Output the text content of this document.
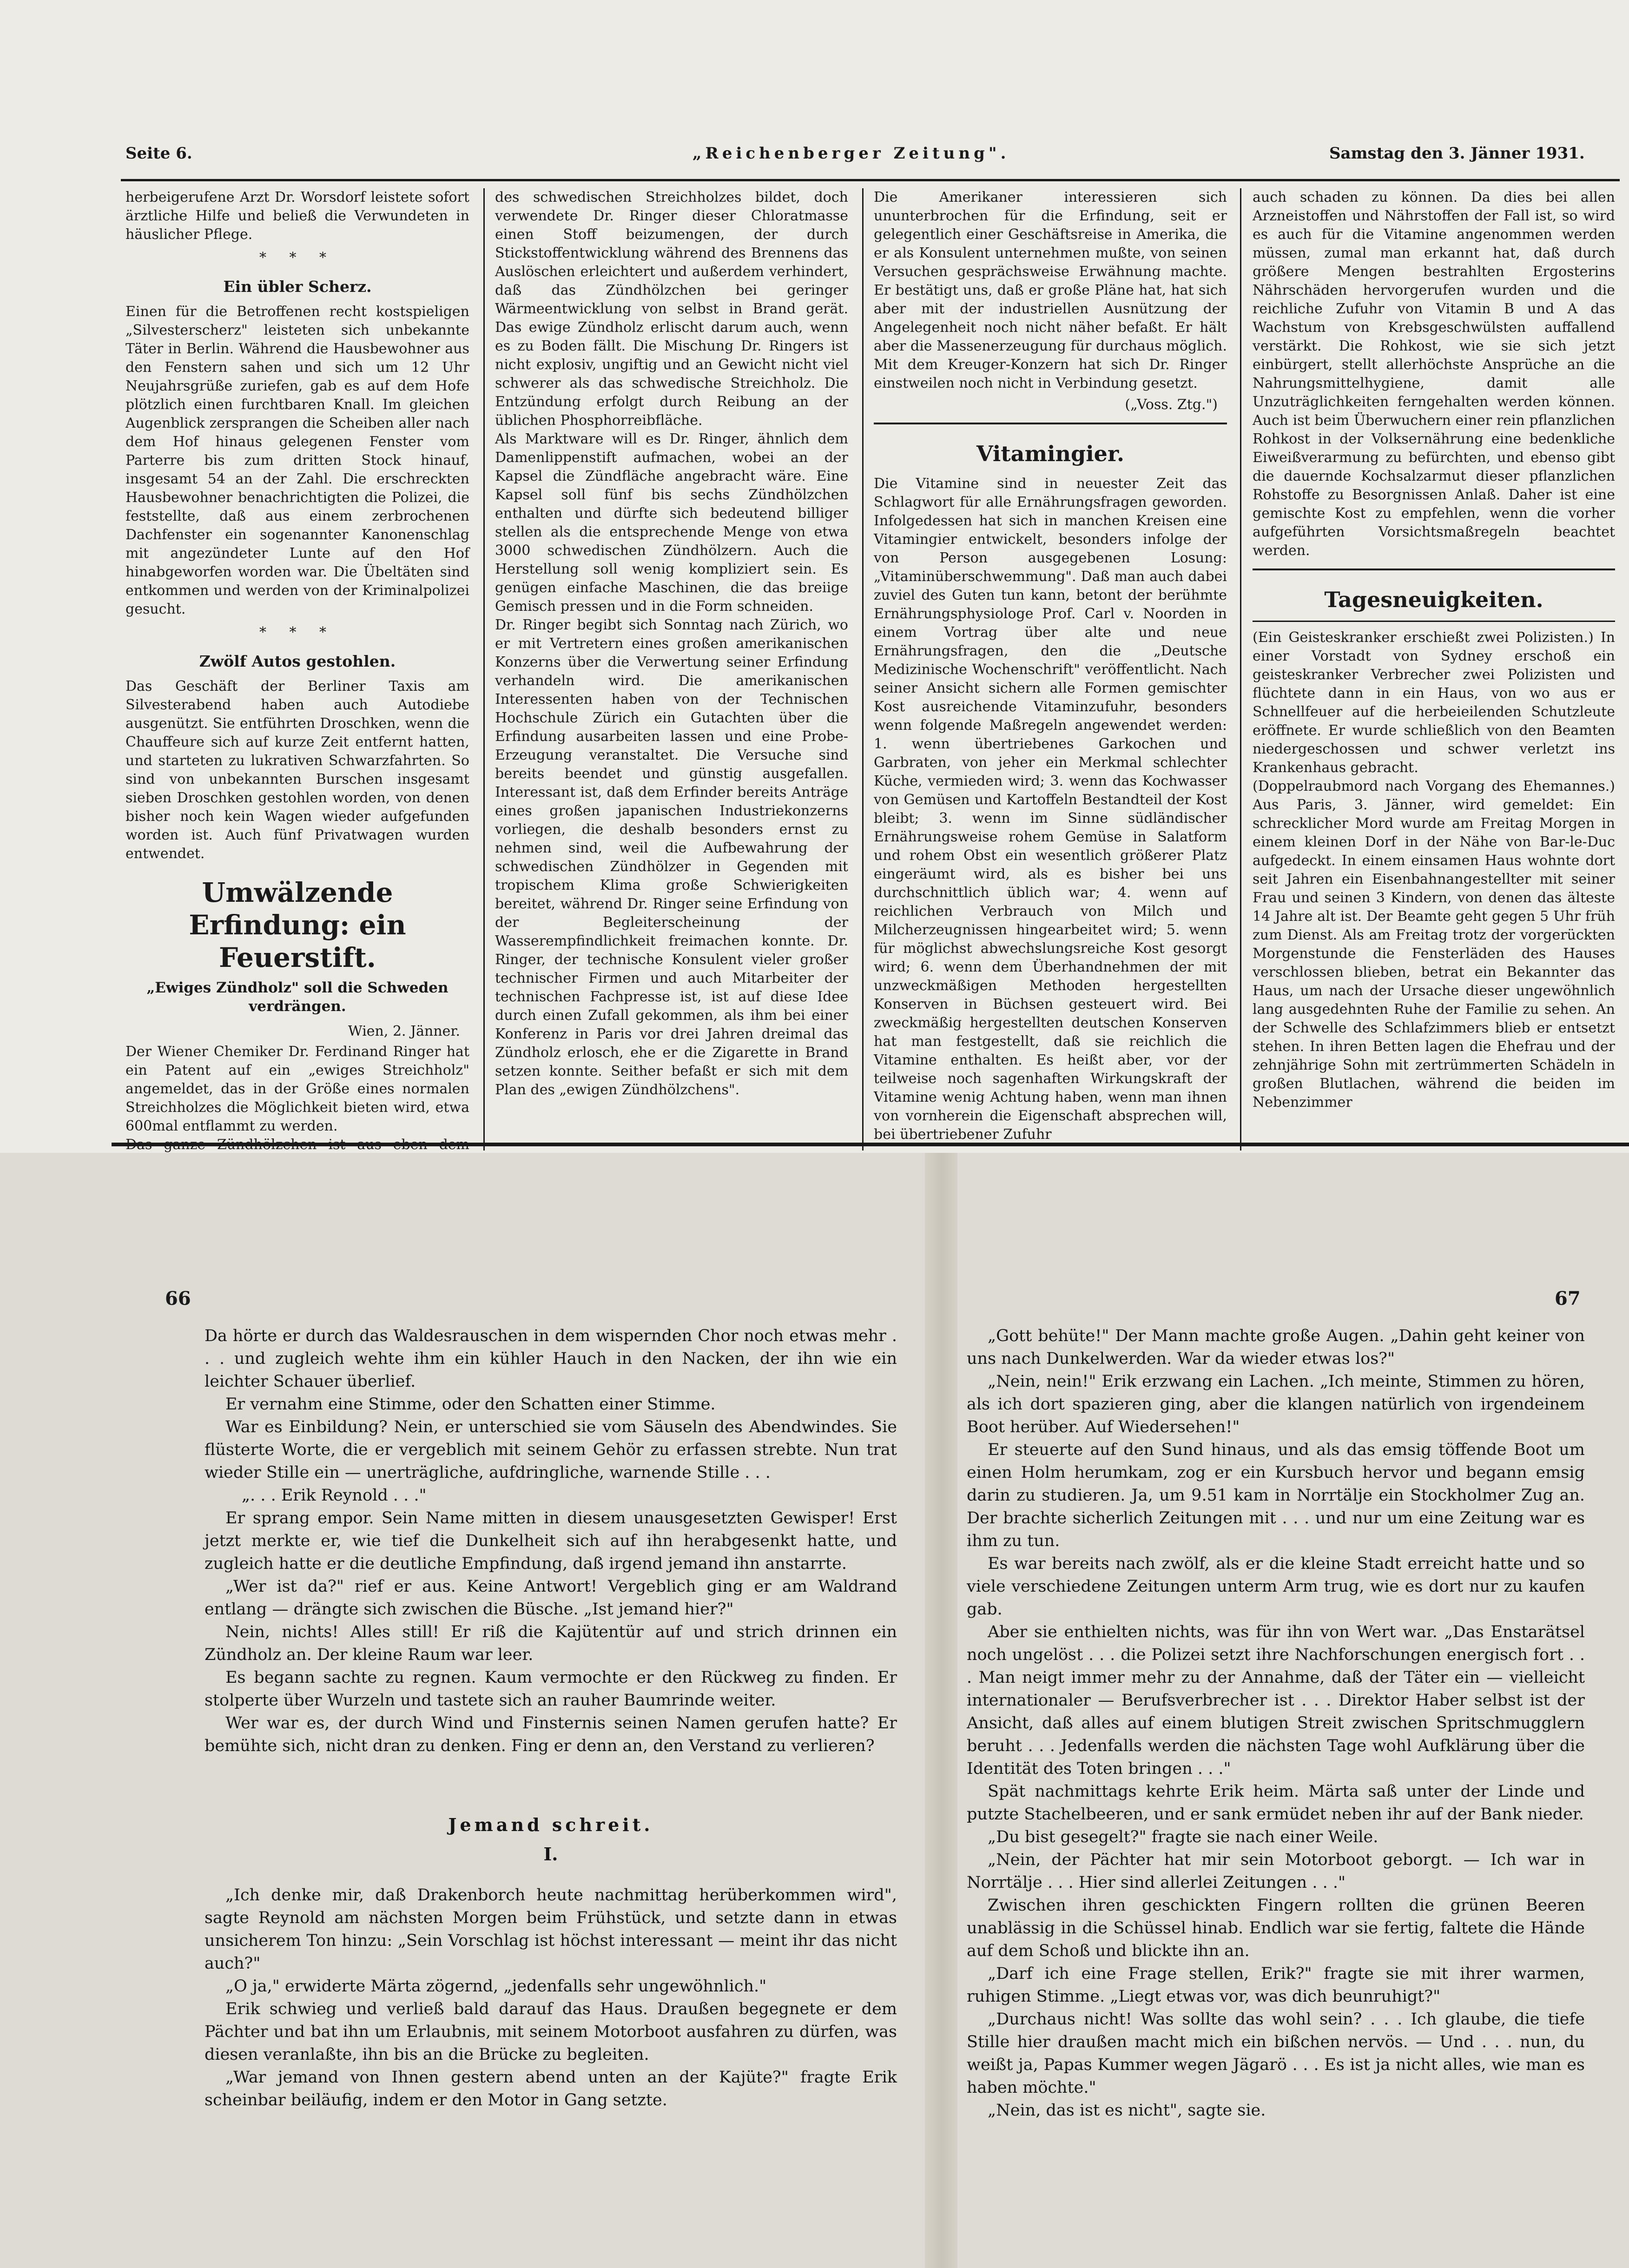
Seite 6.	„Reichenberger Zeitung".	Samstag den 3. Jänner 1931.

herbeigerufene Arzt Dr. Worsdorf leistete sofort ärztliche Hilfe und beließ die Verwundeten in häuslicher Pflege.

* * *

Ein übler Scherz.

Einen für die Betroffenen recht kostspieligen „Silvesterscherz" leisteten sich unbekannte Täter in Berlin. Während die Hausbewohner aus den Fenstern sahen und sich um 12 Uhr Neujahrsgrüße zuriefen, gab es auf dem Hofe plötzlich einen furchtbaren Knall. Im gleichen Augenblick zersprangen die Scheiben aller nach dem Hof hinaus gelegenen Fenster vom Parterre bis zum dritten Stock hinauf, insgesamt 54 an der Zahl. Die erschreckten Hausbewohner benachrichtigten die Polizei, die feststellte, daß aus einem zerbrochenen Dachfenster ein sogenannter Kanonenschlag mit angezündeter Lunte auf den Hof hinabgeworfen worden war. Die Übeltäten sind entkommen und werden von der Kriminalpolizei gesucht.

* * *

Zwölf Autos gestohlen.

Das Geschäft der Berliner Taxis am Silvesterabend haben auch Autodiebe ausgenützt. Sie entführten Droschken, wenn die Chauffeure sich auf kurze Zeit entfernt hatten, und starteten zu lukrativen Schwarzfahrten. So sind von unbekannten Burschen insgesamt sieben Droschken gestohlen worden, von denen bisher noch kein Wagen wieder aufgefunden worden ist. Auch fünf Privatwagen wurden entwendet.

Umwälzende Erfindung: ein Feuerstift.

„Ewiges Zündholz" soll die Schweden verdrängen.

Wien, 2. Jänner.

Der Wiener Chemiker Dr. Ferdinand Ringer hat ein Patent auf ein „ewiges Streichholz" angemeldet, das in der Größe eines normalen Streichholzes die Möglichkeit bieten wird, etwa 600mal entflammt zu werden.

des schwedischen Streichholzes bildet, doch verwendete Dr. Ringer dieser Chloratmasse einen Stoff beizumengen, der durch Stickstoffentwicklung während des Brennens das Auslöschen erleichtert und außerdem verhindert, daß das Zündhölzchen bei geringer Wärmeentwicklung von selbst in Brand gerät. Das ewige Zündholz erlischt darum auch, wenn es zu Boden fällt. Die Mischung Dr. Ringers ist nicht explosiv, ungiftig und an Gewicht nicht viel schwerer als das schwedische Streichholz. Die Entzündung erfolgt durch Reibung an der üblichen Phosphorreibfläche.

Als Marktware will es Dr. Ringer, ähnlich dem Damenlippenstift aufmachen, wobei an der Kapsel die Zündfläche angebracht wäre. Eine Kapsel soll fünf bis sechs Zündhölzchen enthalten und dürfte sich bedeutend billiger stellen als die entsprechende Menge von etwa 3000 schwedischen Zündhölzern. Auch die Herstellung soll wenig kompliziert sein. Es genügen einfache Maschinen, die das breiige Gemisch pressen und in die Form schneiden.

Dr. Ringer begibt sich Sonntag nach Zürich, wo er mit Vertretern eines großen amerikanischen Konzerns über die Verwertung seiner Erfindung verhandeln wird. Die amerikanischen Interessenten haben von der Technischen Hochschule Zürich ein Gutachten über die Erfindung ausarbeiten lassen und eine Probe-Erzeugung veranstaltet. Die Versuche sind bereits beendet und günstig ausgefallen. Interessant ist, daß dem Erfinder bereits Anträge eines großen japanischen Industriekonzerns vorliegen, die deshalb besonders ernst zu nehmen sind, weil die Aufbewahrung der schwedischen Zündhölzer in Gegenden mit tropischem Klima große Schwierigkeiten bereitet, während Dr. Ringer seine Erfindung von der Begleiterscheinung der Wasserempfindlichkeit freimachen konnte. Dr. Ringer, der technische Konsulent vieler großer technischer Firmen und auch Mitarbeiter der technischen Fachpresse ist, ist auf diese Idee durch einen Zufall gekommen, als ihm bei einer Konferenz in Paris vor drei Jahren dreimal das Zündholz erlosch, ehe er die Zigarette in Brand setzen konnte. Seither befaßt er sich mit dem Plan des „ewigen Zündhölzchens".

Die Amerikaner interessieren sich ununterbrochen für die Erfindung, seit er gelegentlich einer Geschäftsreise in Amerika, die er als Konsulent unternehmen mußte, von seinen Versuchen gesprächsweise Erwähnung machte. Er bestätigt uns, daß er große Pläne hat, hat sich aber mit der industriellen Ausnützung der Angelegenheit noch nicht näher befaßt. Er hält aber die Massenerzeugung für durchaus möglich. Mit dem Kreuger-Konzern hat sich Dr. Ringer einstweilen noch nicht in Verbindung gesetzt.

(„Voss. Ztg.")

Vitamingier.

Die Vitamine sind in neuester Zeit das Schlagwort für alle Ernährungsfragen geworden. Infolgedessen hat sich in manchen Kreisen eine Vitamingier entwickelt, besonders infolge der von Person ausgegebenen Losung: „Vitaminüberschwemmung". Daß man auch dabei zuviel des Guten tun kann, betont der berühmte Ernährungsphysiologe Prof. Carl v. Noorden in einem Vortrag über alte und neue Ernährungsfragen, den die „Deutsche Medizinische Wochenschrift" veröffentlicht. Nach seiner Ansicht sichern alle Formen gemischter Kost ausreichende Vitaminzufuhr, besonders wenn folgende Maßregeln angewendet werden: 1. wenn übertriebenes Garkochen und Garbraten, von jeher ein Merkmal schlechter Küche, vermieden wird; 3. wenn das Kochwasser von Gemüsen und Kartoffeln Bestandteil der Kost bleibt; 3. wenn im Sinne südländischer Ernährungsweise rohem Gemüse in Salatform und rohem Obst ein wesentlich größerer Platz eingeräumt wird, als es bisher bei uns durchschnittlich üblich war; 4. wenn auf reichlichen Verbrauch von Milch und Milcherzeugnissen hingearbeitet wird; 5. wenn für möglichst abwechslungsreiche Kost gesorgt wird; 6. wenn dem Überhandnehmen der mit unzweckmäßigen Methoden hergestellten Konserven in Büchsen gesteuert wird. Bei zweckmäßig hergestellten deutschen Konserven hat man festgestellt, daß sie reichlich die Vitamine enthalten. Es heißt aber, vor der teilweise noch sagenhaften Wirkungskraft der Vitamine wenig Achtung haben, wenn man ihnen von vornherein die Eigenschaft absprechen will, bei übertriebener Zufuhr

auch schaden zu können. Da dies bei allen Arzneistoffen und Nährstoffen der Fall ist, so wird es auch für die Vitamine angenommen werden müssen, zumal man erkannt hat, daß durch größere Mengen bestrahlten Ergosterins Nährschäden hervorgerufen wurden und die reichliche Zufuhr von Vitamin B und A das Wachstum von Krebsgeschwülsten auffallend verstärkt. Die Rohkost, wie sie sich jetzt einbürgert, stellt allerhöchste Ansprüche an die Nahrungsmittelhygiene, damit alle Unzuträglichkeiten ferngehalten werden können. Auch ist beim Überwuchern einer rein pflanzlichen Rohkost in der Volksernährung eine bedenkliche Eiweißverarmung zu befürchten, und ebenso gibt die dauernde Kochsalzarmut dieser pflanzlichen Rohstoffe zu Besorgnissen Anlaß. Daher ist eine gemischte Kost zu empfehlen, wenn die vorher aufgeführten Vorsichtsmaßregeln beachtet werden.

Tagesneuigkeiten.

(Ein Geisteskranker erschießt zwei Polizisten.) In einer Vorstadt von Sydney erschoß ein geisteskranker Verbrecher zwei Polizisten und flüchtete dann in ein Haus, von wo aus er Schnellfeuer auf die herbeieilenden Schutzleute eröffnete. Er wurde schließlich von den Beamten niedergeschossen und schwer verletzt ins Krankenhaus gebracht.

(Doppelraubmord nach Vorgang des Ehemannes.) Aus Paris, 3. Jänner, wird gemeldet: Ein schrecklicher Mord wurde am Freitag Morgen in einem kleinen Dorf in der Nähe von Bar-le-Duc aufgedeckt. In einem einsamen Haus wohnte dort seit Jahren ein Eisenbahnangestellter mit seiner Frau und seinen 3 Kindern, von denen das älteste 14 Jahre alt ist. Der Beamte geht gegen 5 Uhr früh zum Dienst. Als am Freitag trotz der vorgerückten Morgenstunde die Fensterläden des Hauses verschlossen blieben, betrat ein Bekannter das Haus, um nach der Ursache dieser ungewöhnlich lang ausgedehnten Ruhe der Familie zu sehen. An der Schwelle des Schlafzimmers blieb er entsetzt stehen. In ihren Betten lagen die Ehefrau und der zehnjährige Sohn mit zertrümmerten Schädeln in großen Blutlachen, während die beiden im Nebenzimmer

66	67

Da hörte er durch das Waldesrauschen in dem wispernden Chor noch etwas mehr . . . und zugleich wehte ihm ein kühler Hauch in den Nacken, der ihn wie ein leichter Schauer überlief.

Er vernahm eine Stimme, oder den Schatten einer Stimme.

War es Einbildung? Nein, er unterschied sie vom Säuseln des Abendwindes. Sie flüsterte Worte, die er vergeblich mit seinem Gehör zu erfassen strebte. Nun trat wieder Stille ein — unerträgliche, aufdringliche, warnende Stille . . .

„. . . Erik Reynold . . ."

Er sprang empor. Sein Name mitten in diesem unausgesetzten Gewisper! Erst jetzt merkte er, wie tief die Dunkelheit sich auf ihn herabgesenkt hatte, und zugleich hatte er die deutliche Empfindung, daß irgend jemand ihn anstarrte.

„Wer ist da?" rief er aus. Keine Antwort! Vergeblich ging er am Waldrand entlang — drängte sich zwischen die Büsche. „Ist jemand hier?"

Nein, nichts! Alles still! Er riß die Kajütentür auf und strich drinnen ein Zündholz an. Der kleine Raum war leer.

Es begann sachte zu regnen. Kaum vermochte er den Rückweg zu finden. Er stolperte über Wurzeln und tastete sich an rauher Baumrinde weiter.

Wer war es, der durch Wind und Finsternis seinen Namen gerufen hatte? Er bemühte sich, nicht dran zu denken. Fing er denn an, den Verstand zu verlieren?

Jemand schreit.

I.

„Ich denke mir, daß Drakenborch heute nachmittag herüberkommen wird", sagte Reynold am nächsten Morgen beim Frühstück, und setzte dann in etwas unsicherem Ton hinzu: „Sein Vorschlag ist höchst interessant — meint ihr das nicht auch?"

„O ja," erwiderte Märta zögernd, „jedenfalls sehr ungewöhnlich."

Erik schwieg und verließ bald darauf das Haus. Draußen begegnete er dem Pächter und bat ihn um Erlaubnis, mit seinem Motorboot ausfahren zu dürfen, was diesen veranlaßte, ihn bis an die Brücke zu begleiten.

„War jemand von Ihnen gestern abend unten an der Kajüte?" fragte Erik scheinbar beiläufig, indem er den Motor in Gang setzte.

„Gott behüte!" Der Mann machte große Augen. „Dahin geht keiner von uns nach Dunkelwerden. War da wieder etwas los?"

„Nein, nein!" Erik erzwang ein Lachen. „Ich meinte, Stimmen zu hören, als ich dort spazieren ging, aber die klangen natürlich von irgendeinem Boot herüber. Auf Wiedersehen!"

Er steuerte auf den Sund hinaus, und als das emsig töffende Boot um einen Holm herumkam, zog er ein Kursbuch hervor und begann emsig darin zu studieren. Ja, um 9.51 kam in Norrtälje ein Stockholmer Zug an. Der brachte sicherlich Zeitungen mit . . . und nur um eine Zeitung war es ihm zu tun.

Es war bereits nach zwölf, als er die kleine Stadt erreicht hatte und so viele verschiedene Zeitungen unterm Arm trug, wie es dort nur zu kaufen gab.

Aber sie enthielten nichts, was für ihn von Wert war. „Das Enstarätsel noch ungelöst . . . die Polizei setzt ihre Nachforschungen energisch fort . . . Man neigt immer mehr zu der Annahme, daß der Täter ein — vielleicht internationaler — Berufsverbrecher ist . . . Direktor Haber selbst ist der Ansicht, daß alles auf einem blutigen Streit zwischen Spritschmugglern beruht . . . Jedenfalls werden die nächsten Tage wohl Aufklärung über die Identität des Toten bringen . . ."

Spät nachmittags kehrte Erik heim. Märta saß unter der Linde und putzte Stachelbeeren, und er sank ermüdet neben ihr auf der Bank nieder.

„Du bist gesegelt?" fragte sie nach einer Weile.

„Nein, der Pächter hat mir sein Motorboot geborgt. — Ich war in Norrtälje . . . Hier sind allerlei Zeitungen . . ."

Zwischen ihren geschickten Fingern rollten die grünen Beeren unablässig in die Schüssel hinab. Endlich war sie fertig, faltete die Hände auf dem Schoß und blickte ihn an.

„Darf ich eine Frage stellen, Erik?" fragte sie mit ihrer warmen, ruhigen Stimme. „Liegt etwas vor, was dich beunruhigt?"

„Durchaus nicht! Was sollte das wohl sein? . . . Ich glaube, die tiefe Stille hier draußen macht mich ein bißchen nervös. — Und . . . nun, du weißt ja, Papas Kummer wegen Jägarö . . . Es ist ja nicht alles, wie man es haben möchte."

„Nein, das ist es nicht", sagte sie.
